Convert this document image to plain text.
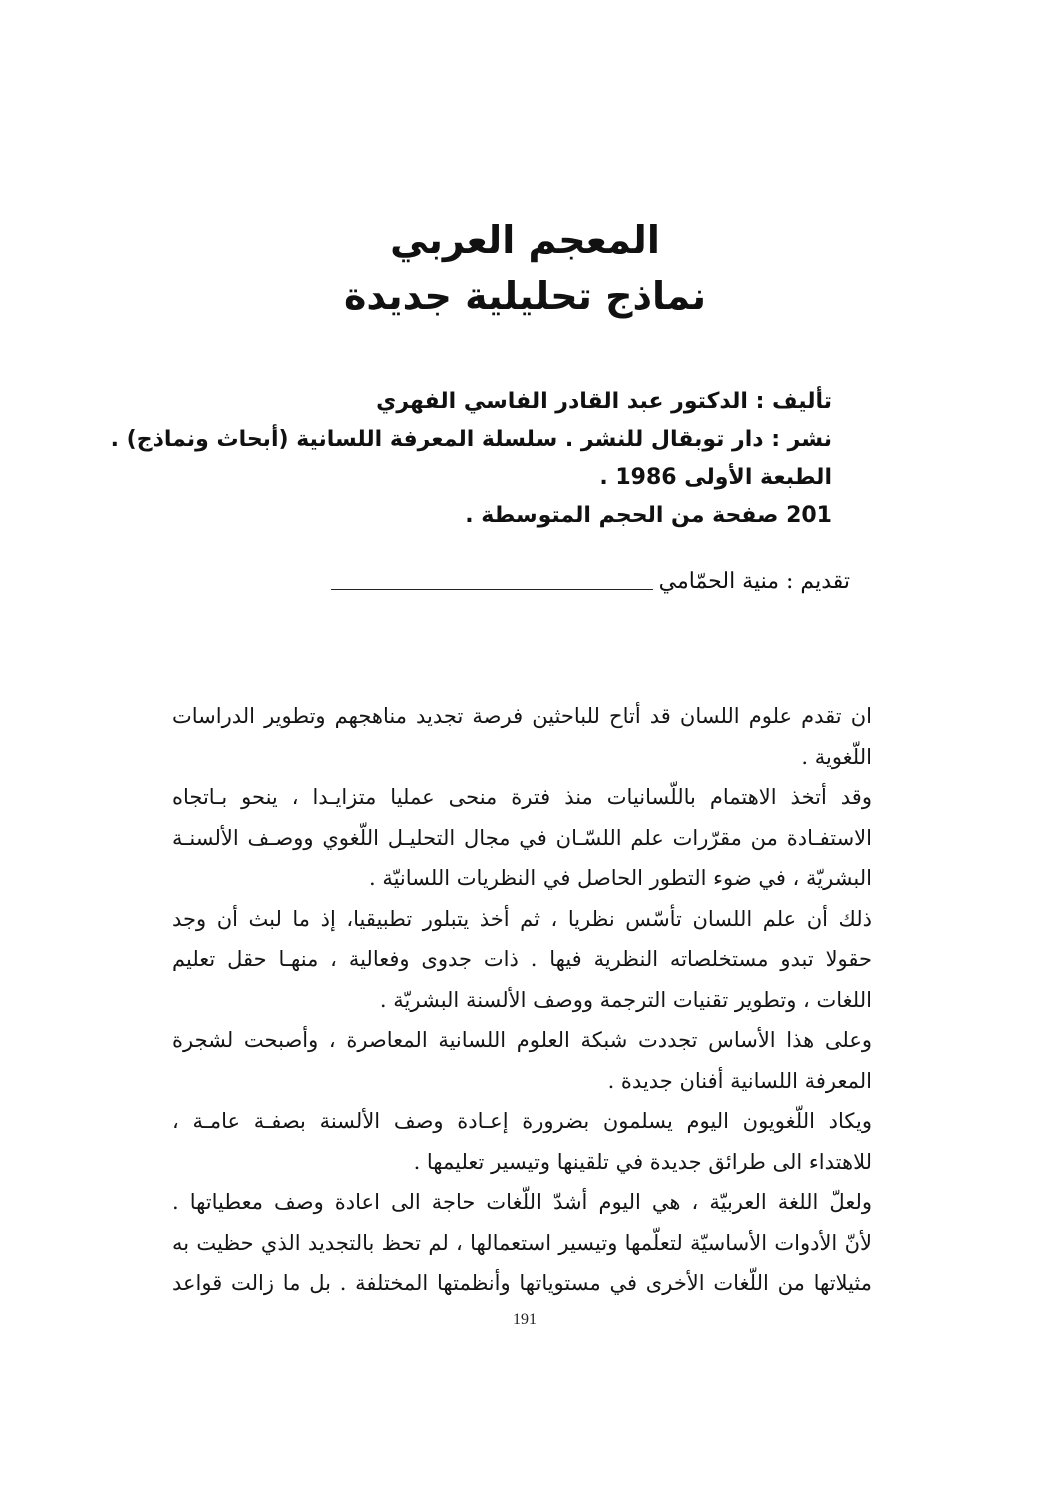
المعجم العربي
نماذج تحليلية جديدة
تأليف : الدكتور عبد القادر الفاسي الفهري
نشر : دار توبقال للنشر . سلسلة المعرفة اللسانية (أبحاث ونماذج) .
الطبعة الأولى 1986 .
201 صفحة من الحجم المتوسطة .
تقديم : منية الحمّامي
ان تقدم علوم اللسان قد أتاح للباحثين فرصة تجديد مناهجهم وتطوير الدراسات
اللّغوية .
وقد أتخذ الاهتمام باللّسانيات منذ فترة منحى عمليا متزايـدا ، ينحو بـاتجاه
الاستفـادة من مقرّرات علم اللسّـان في مجال التحليـل اللّغوي ووصـف الألسنـة
البشريّة ، في ضوء التطور الحاصل في النظريات اللسانيّة .
ذلك أن علم اللسان تأسّس نظريا ، ثم أخذ يتبلور تطبيقيا، إذ ما لبث أن وجد
حقولا تبدو مستخلصاته النظرية فيها . ذات جدوى وفعالية ، منهـا حقل تعليم
اللغات ، وتطوير تقنيات الترجمة ووصف الألسنة البشريّة .
وعلى هذا الأساس تجددت شبكة العلوم اللسانية المعاصرة ، وأصبحت لشجرة
المعرفة اللسانية أفنان جديدة .
ويكاد اللّغويون اليوم يسلمون بضرورة إعـادة وصف الألسنة بصفـة عامـة ،
للاهتداء الى طرائق جديدة في تلقينها وتيسير تعليمها .
ولعلّ اللغة العربيّة ، هي اليوم أشدّ اللّغات حاجة الى اعادة وصف معطياتها .
لأنّ الأدوات الأساسيّة لتعلّمها وتيسير استعمالها ، لم تحظ بالتجديد الذي حظيت به
مثيلاتها من اللّغات الأخرى في مستوياتها وأنظمتها المختلفة . بل ما زالت قواعد
191
